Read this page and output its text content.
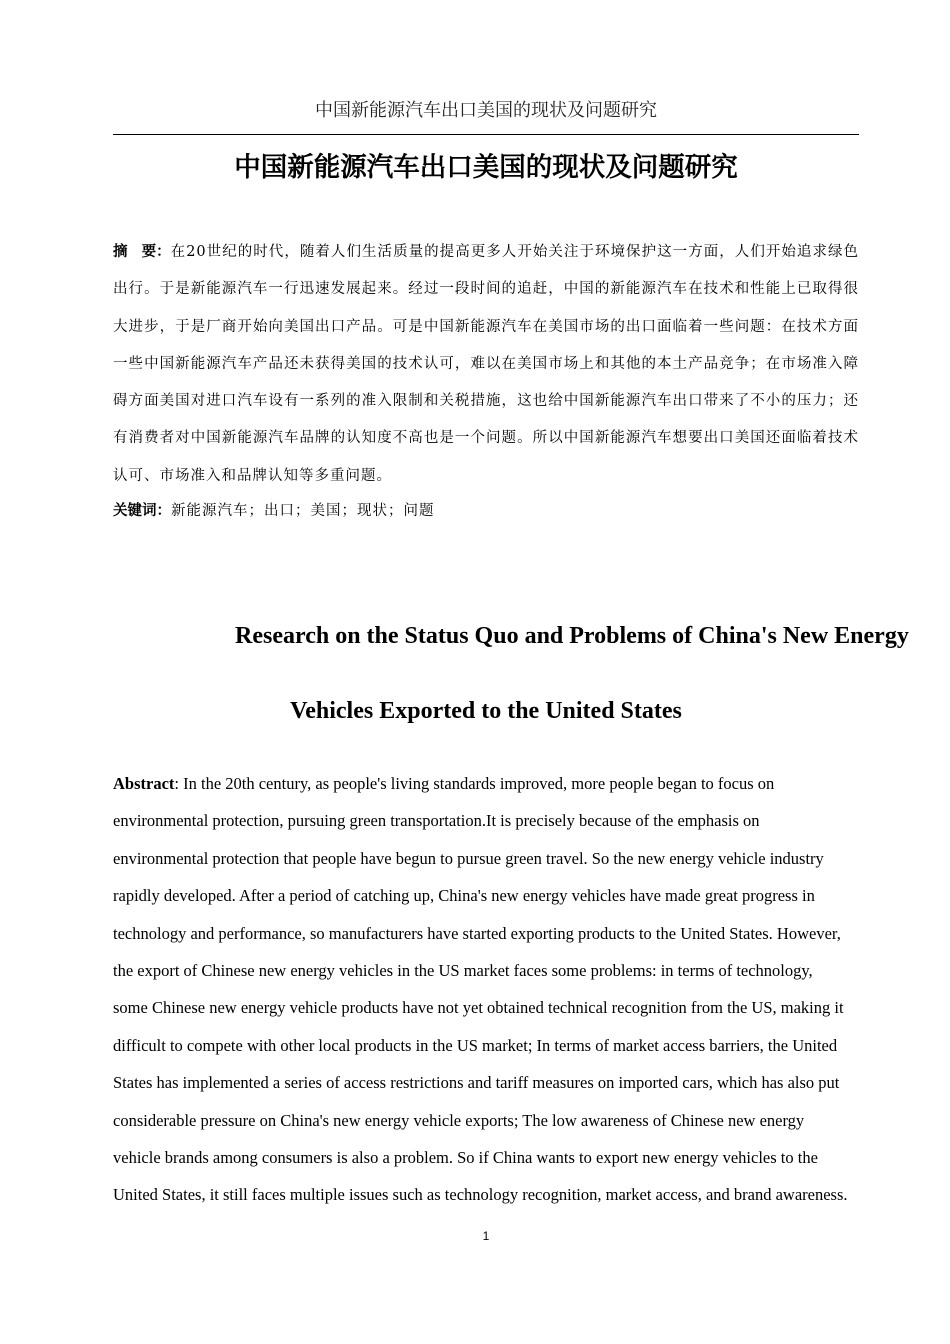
中国新能源汽车出口美国的现状及问题研究
中国新能源汽车出口美国的现状及问题研究

摘 要：在20世纪的时代，随着人们生活质量的提高更多人开始关注于环境保护这一方面，人们开始追求绿色出行。于是新能源汽车一行迅速发展起来。经过一段时间的追赶，中国的新能源汽车在技术和性能上已取得很大进步，于是厂商开始向美国出口产品。可是中国新能源汽车在美国市场的出口面临着一些问题：在技术方面一些中国新能源汽车产品还未获得美国的技术认可，难以在美国市场上和其他的本土产品竞争；在市场准入障碍方面美国对进口汽车设有一系列的准入限制和关税措施，这也给中国新能源汽车出口带来了不小的压力；还有消费者对中国新能源汽车品牌的认知度不高也是一个问题。所以中国新能源汽车想要出口美国还面临着技术认可、市场准入和品牌认知等多重问题。

关键词：新能源汽车；出口；美国；现状；问题

Research on the Status Quo and Problems of China's New Energy
Vehicles Exported to the United States

Abstract: In the 20th century, as people's living standards improved, more people began to focus on
environmental protection, pursuing green transportation.It is precisely because of the emphasis on
environmental protection that people have begun to pursue green travel. So the new energy vehicle industry
rapidly developed. After a period of catching up, China's new energy vehicles have made great progress in
technology and performance, so manufacturers have started exporting products to the United States. However,
the export of Chinese new energy vehicles in the US market faces some problems: in terms of technology,
some Chinese new energy vehicle products have not yet obtained technical recognition from the US, making it
difficult to compete with other local products in the US market; In terms of market access barriers, the United
States has implemented a series of access restrictions and tariff measures on imported cars, which has also put
considerable pressure on China's new energy vehicle exports; The low awareness of Chinese new energy
vehicle brands among consumers is also a problem. So if China wants to export new energy vehicles to the
United States, it still faces multiple issues such as technology recognition, market access, and brand awareness.

1
